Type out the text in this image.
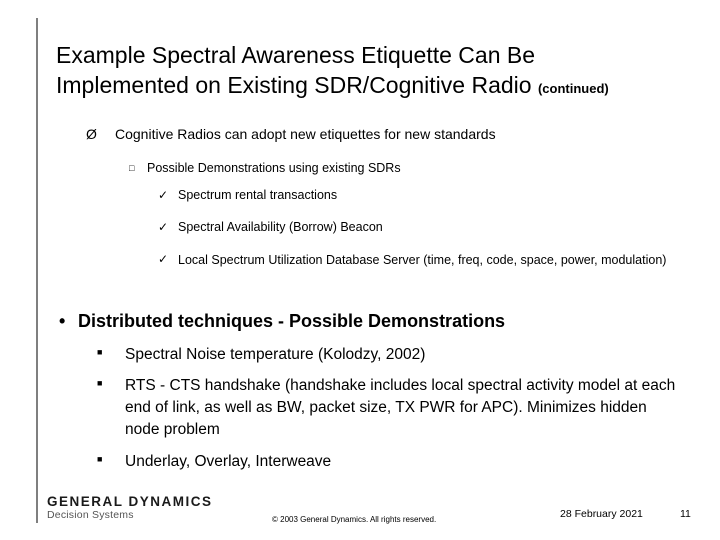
Example Spectral Awareness Etiquette Can Be
Implemented on Existing SDR/Cognitive Radio (continued)
Ø Cognitive Radios can adopt new etiquettes for new standards
□ Possible Demonstrations using existing SDRs
✓ Spectrum rental transactions
✓ Spectral Availability (Borrow) Beacon
✓ Local Spectrum Utilization Database Server (time, freq, code, space, power, modulation)
• Distributed techniques - Possible Demonstrations
■ Spectral Noise temperature (Kolodzy, 2002)
■ RTS - CTS handshake (handshake includes local spectral activity model at each end of link, as well as BW, packet size, TX PWR for APC). Minimizes hidden node problem
■ Underlay, Overlay, Interweave
GENERAL DYNAMICS
Decision Systems	© 2003 General Dynamics. All rights reserved.	28 February 2021	11
